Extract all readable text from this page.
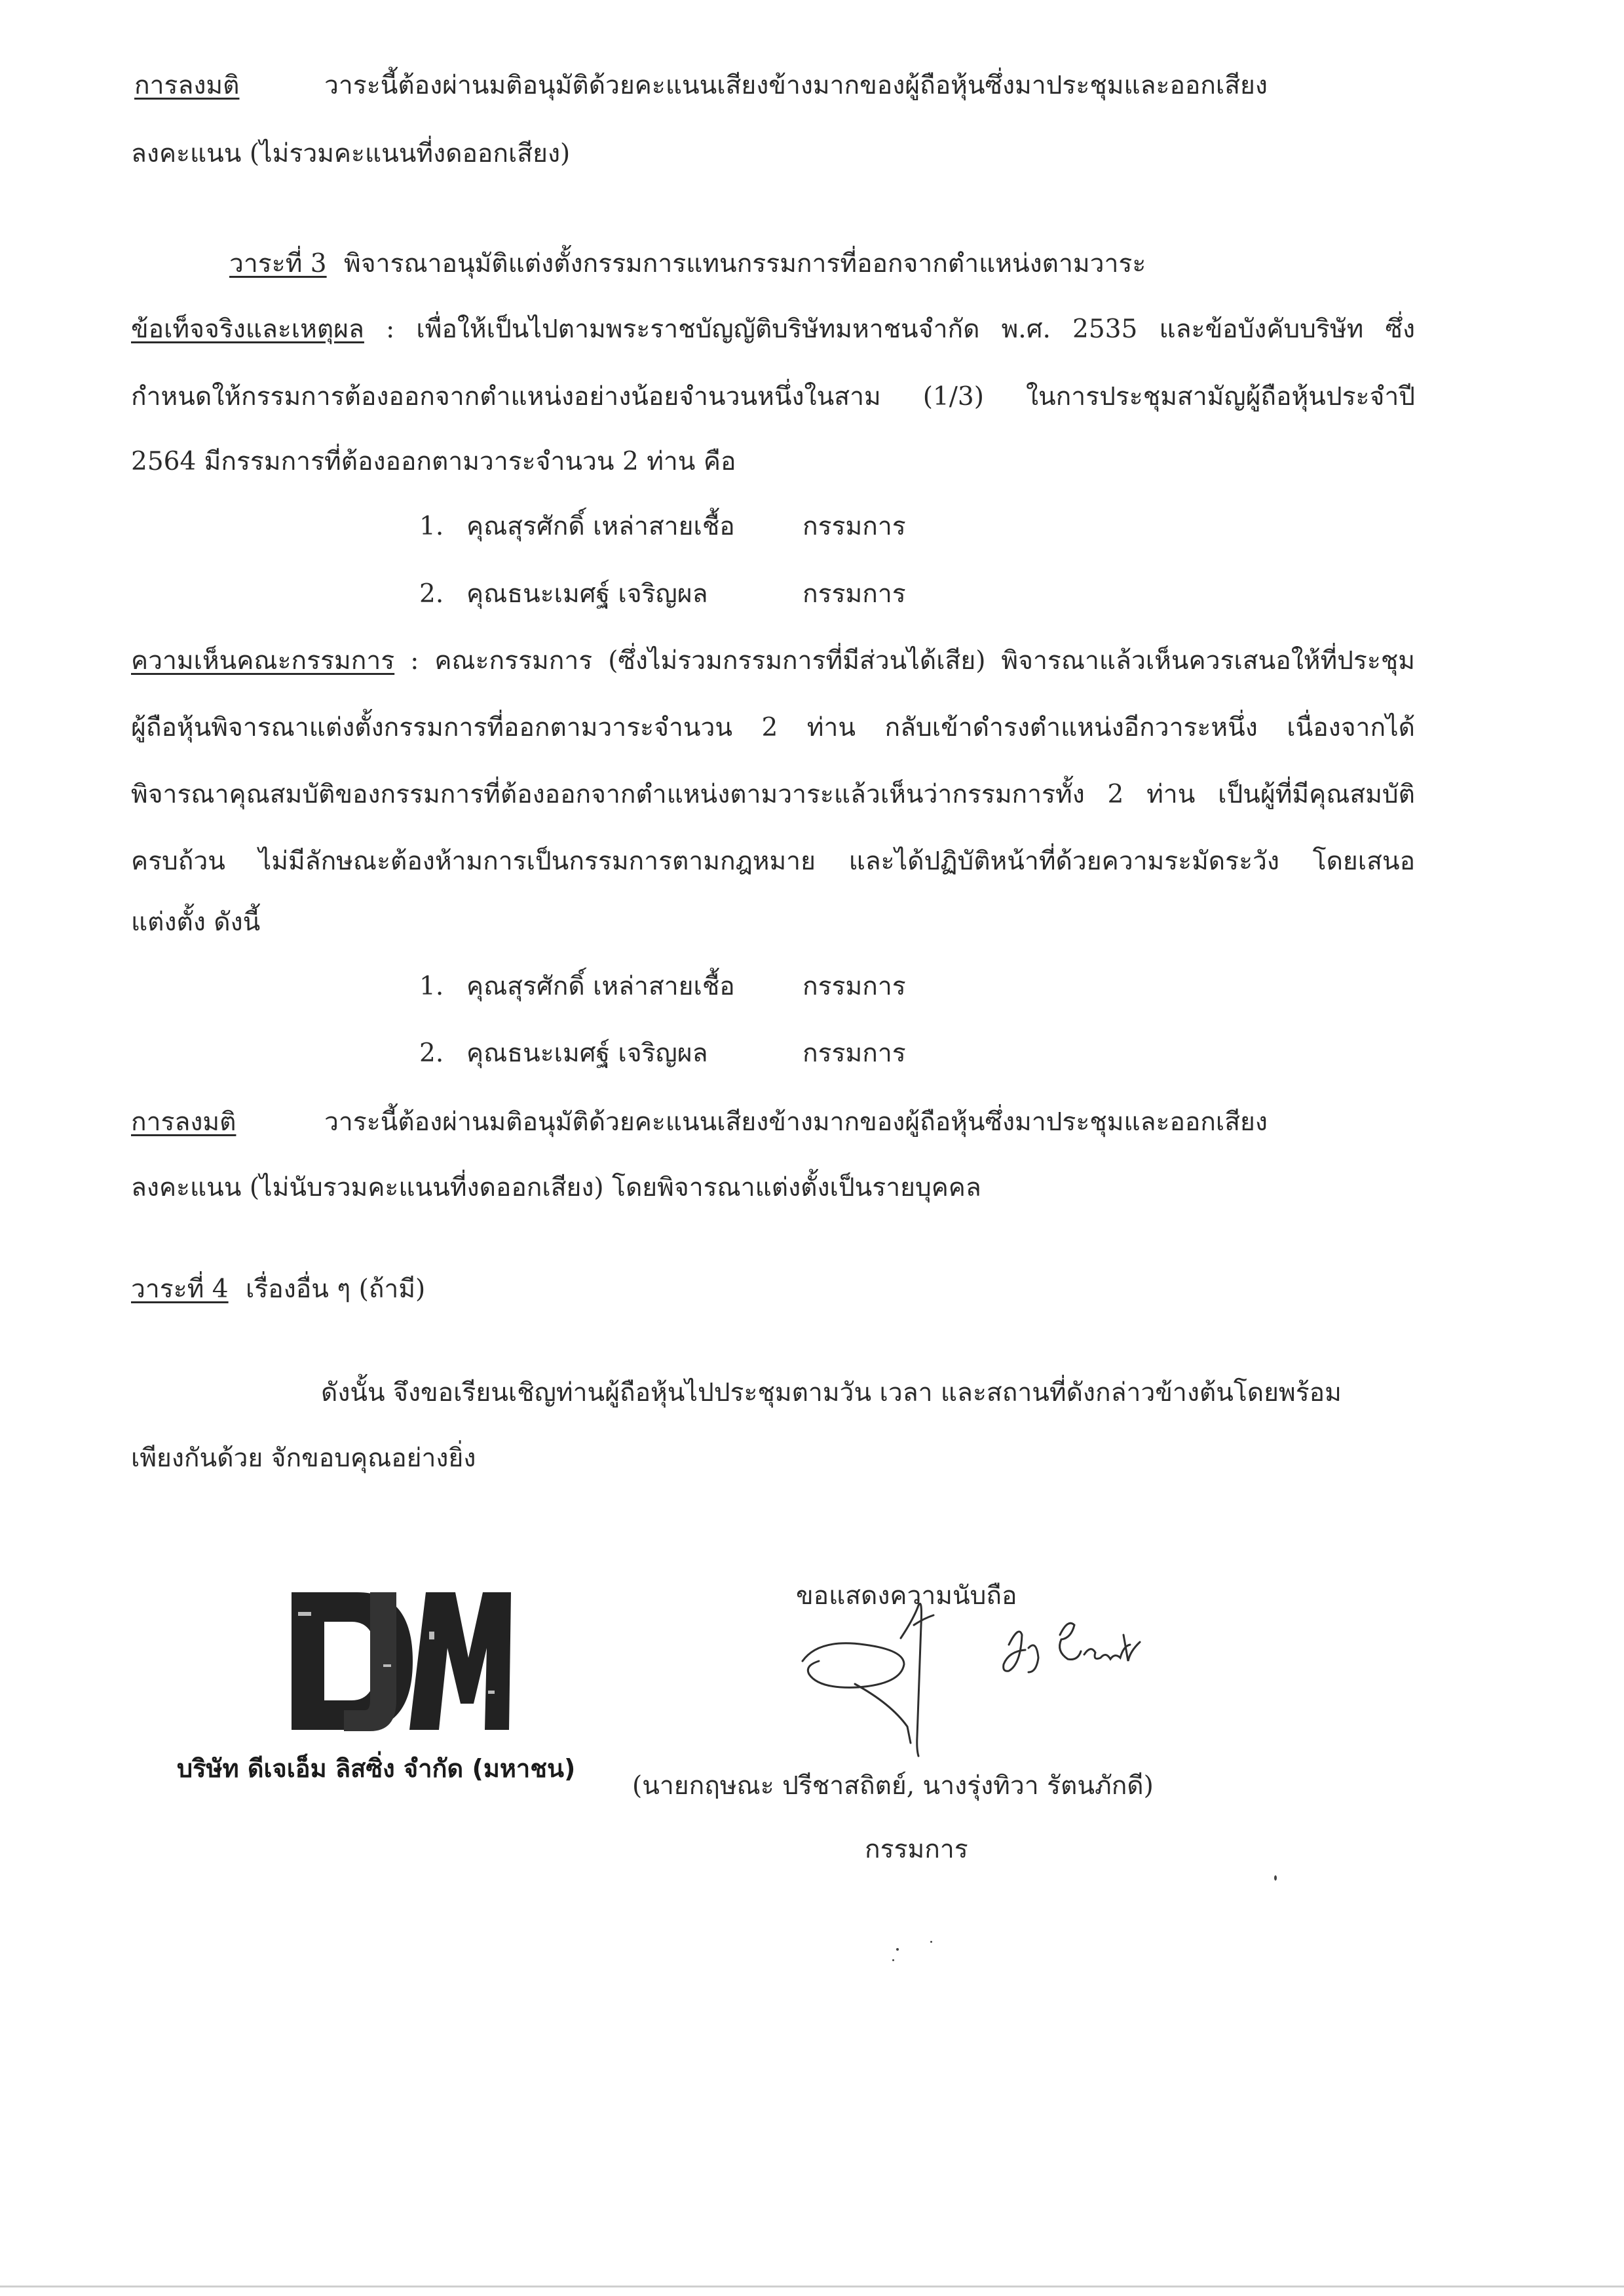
การลงมติ	วาระนี้ต้องผ่านมติอนุมัติด้วยคะแนนเสียงข้างมากของผู้ถือหุ้นซึ่งมาประชุมและออกเสียง
ลงคะแนน (ไม่รวมคะแนนที่งดออกเสียง)
วาระที่ 3 พิจารณาอนุมัติแต่งตั้งกรรมการแทนกรรมการที่ออกจากตำแหน่งตามวาระ
ข้อเท็จจริงและเหตุผล : เพื่อให้เป็นไปตามพระราชบัญญัติบริษัทมหาชนจำกัด พ.ศ. 2535 และข้อบังคับบริษัท ซึ่ง
กำหนดให้กรรมการต้องออกจากตำแหน่งอย่างน้อยจำนวนหนึ่งในสาม (1/3) ในการประชุมสามัญผู้ถือหุ้นประจำปี
2564 มีกรรมการที่ต้องออกตามวาระจำนวน 2 ท่าน คือ
1. คุณสุรศักดิ์ เหล่าสายเชื้อ	กรรมการ
2. คุณธนะเมศฐ์ เจริญผล	กรรมการ
ความเห็นคณะกรรมการ : คณะกรรมการ (ซึ่งไม่รวมกรรมการที่มีส่วนได้เสีย) พิจารณาแล้วเห็นควรเสนอให้ที่ประชุม
ผู้ถือหุ้นพิจารณาแต่งตั้งกรรมการที่ออกตามวาระจำนวน 2 ท่าน กลับเข้าดำรงตำแหน่งอีกวาระหนึ่ง เนื่องจากได้
พิจารณาคุณสมบัติของกรรมการที่ต้องออกจากตำแหน่งตามวาระแล้วเห็นว่ากรรมการทั้ง 2 ท่าน เป็นผู้ที่มีคุณสมบัติ
ครบถ้วน ไม่มีลักษณะต้องห้ามการเป็นกรรมการตามกฎหมาย และได้ปฏิบัติหน้าที่ด้วยความระมัดระวัง โดยเสนอ
แต่งตั้ง ดังนี้
1. คุณสุรศักดิ์ เหล่าสายเชื้อ	กรรมการ
2. คุณธนะเมศฐ์ เจริญผล	กรรมการ
การลงมติ	วาระนี้ต้องผ่านมติอนุมัติด้วยคะแนนเสียงข้างมากของผู้ถือหุ้นซึ่งมาประชุมและออกเสียง
ลงคะแนน (ไม่นับรวมคะแนนที่งดออกเสียง) โดยพิจารณาแต่งตั้งเป็นรายบุคคล
วาระที่ 4 เรื่องอื่น ๆ (ถ้ามี)
ดังนั้น จึงขอเรียนเชิญท่านผู้ถือหุ้นไปประชุมตามวัน เวลา และสถานที่ดังกล่าวข้างต้นโดยพร้อม
เพียงกันด้วย จักขอบคุณอย่างยิ่ง
ขอแสดงความนับถือ
บริษัท ดีเจเอ็ม ลิสซิ่ง จำกัด (มหาชน)
(นายกฤษณะ ปรีชาสถิตย์, นางรุ่งทิวา รัตนภักดี)
กรรมการ
